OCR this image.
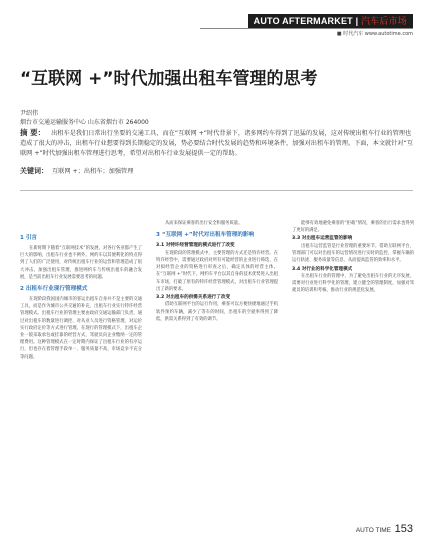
AUTO AFTERMARKET | 汽车后市场
■ 时代汽车 www.autotime.com
“互联网 +”时代加强出租车管理的思考
尹绍伟
烟台市交通运输服务中心 山东省烟台市 264000
摘 要： 出租车是我们日常出行坐要的交通工具，而在“互联网 +”时代背景下，诸多网约车得到了迅猛的发展，这对传统出租车行业的管理也造成了很大的冲击，出租车行业想要得到长期稳定的发展，势必要结合时代发展的趋势和环境条件，加强对出租车的管理。下面，本文就针对“互联网 +”时代加强出租车管理进行思考，希望对出租车行业发展提供一定的帮助。
关键词： 互联网 +；出租车；加强管理
1 引言

在新时期下随着“互联网技术”的发展，对各行各业都产生了巨大的影响，出租车行业也不例外。网约车以其便利化的特点得到了人们的广泛使用，对传统出租车行业的运营和管理造成了很大冲击。加强出租车管理，推进网约车与传统出租车的融合发展，是当前出租车行业发展需要思考的问题。

2 出租车行业现行管理模式

在现阶段我国国内城市的客运出租车自身并不是主要的交通工具，而是作为城市公共交通的补充，出租车行业实行特许经营管理模式。出租车行业的管理主要由政府交通运输部门负责，通过对出租车的数量进行调控、对从业人员进行资格管理、对运价实行政府定价等方式进行管理。在现行的管理模式下，出租车企业一般采取承包或挂靠的经营方式，驾驶员向企业缴纳一定的管理费用。这种管理模式在一定时期内保证了出租车行业的有序运行，但也存在着管理手段单一、服务质量不高、市场竞争不充分等问题。

从而来保证乘客的出行安全和服务质量。

3 “互联网 +”时代对出租车管理的影响
3.1 对特许经营管理的模式进行了改变

在现阶段的管理模式中，主要管理的方式还是特许经营。在特许经营中，需要通过政府对所有可能经营的企业进行筛选，在对拟经营企业的资格进行审查之后，确定具体的经营主体。在“互联网 +”时代下，网约车平台以其自身的技术优势进入出租车市场，打破了原有的特许经营管理模式，对出租车行业管理提出了新的要求。

3.2 对出租车的供需关系进行了改变

借助互联网平台的运行作用，乘客可以方便快捷地通过手机软件预约车辆，减少了等车的时间，出租车的空驶率得到了降低，供需关系得到了有效的调节。

能够有效地避免乘客的“拒载”情况，乘客的出行需求也得到了更好的满足。

3.3 对出租车运营监管的影响

出租车运营监管是行业管理的重要环节。借助互联网平台，管理部门可以对出租车的运营情况进行实时的监控，掌握车辆的运行轨迹、服务质量等信息，从而提高监管的效率和水平。

3.4 对行业的科学化管理模式

在出租车行业的管理中，为了避免出租车行业的无序发展，需要对行业进行科学化的管理，建立健全的管理制度，加强对驾驶员的培训和考核，推动行业的规范化发展。

AUTO TIME 153
